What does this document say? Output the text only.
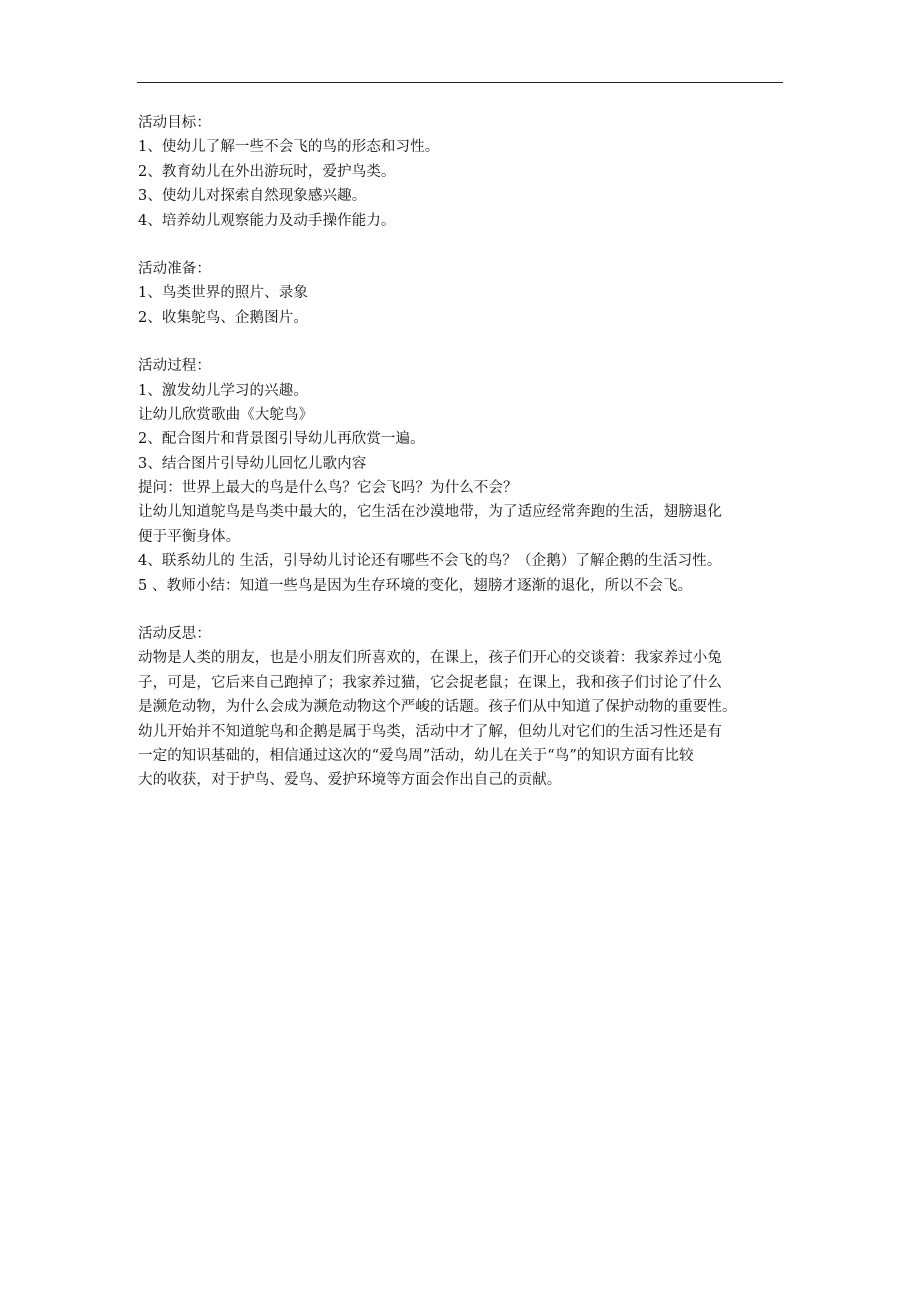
活动目标：
1、使幼儿了解一些不会飞的鸟的形态和习性。
2、教育幼儿在外出游玩时，爱护鸟类。
3、使幼儿对探索自然现象感兴趣。
4、培养幼儿观察能力及动手操作能力。
活动准备：
1、鸟类世界的照片、录象
2、收集鸵鸟、企鹅图片。
活动过程：
1、激发幼儿学习的兴趣。
让幼儿欣赏歌曲《大鸵鸟》
2、配合图片和背景图引导幼儿再欣赏一遍。
3、结合图片引导幼儿回忆儿歌内容
提问：世界上最大的鸟是什么鸟？它会飞吗？为什么不会？
让幼儿知道鸵鸟是鸟类中最大的，它生活在沙漠地带，为了适应经常奔跑的生活，翅膀退化
便于平衡身体。
4、联系幼儿的 生活，引导幼儿讨论还有哪些不会飞的鸟？（企鹅）了解企鹅的生活习性。
5 、教师小结：知道一些鸟是因为生存环境的变化，翅膀才逐渐的退化，所以不会飞。
活动反思：
动物是人类的朋友，也是小朋友们所喜欢的，在课上，孩子们开心的交谈着：我家养过小兔
子，可是，它后来自己跑掉了；我家养过猫，它会捉老鼠；在课上，我和孩子们讨论了什么
是濒危动物，为什么会成为濒危动物这个严峻的话题。孩子们从中知道了保护动物的重要性。
幼儿开始并不知道鸵鸟和企鹅是属于鸟类，活动中才了解，但幼儿对它们的生活习性还是有
一定的知识基础的，相信通过这次的“爱鸟周”活动，幼儿在关于“鸟”的知识方面有比较
大的收获，对于护鸟、爱鸟、爱护环境等方面会作出自己的贡献。
